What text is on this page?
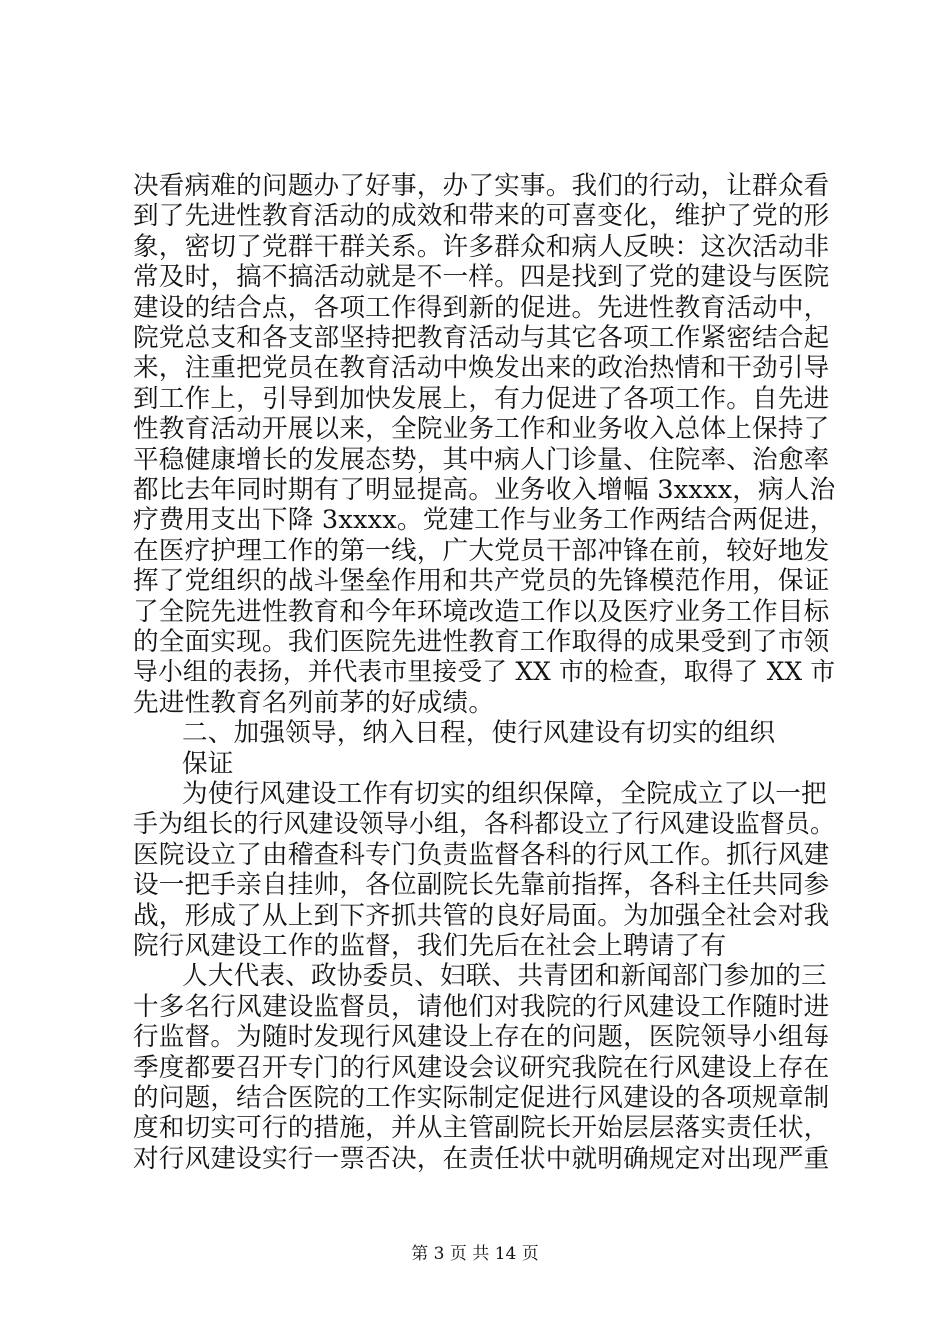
决看病难的问题办了好事，办了实事。我们的行动，让群众看
到了先进性教育活动的成效和带来的可喜变化，维护了党的形
象，密切了党群干群关系。许多群众和病人反映：这次活动非
常及时，搞不搞活动就是不一样。四是找到了党的建设与医院
建设的结合点，各项工作得到新的促进。先进性教育活动中，
院党总支和各支部坚持把教育活动与其它各项工作紧密结合起
来，注重把党员在教育活动中焕发出来的政治热情和干劲引导
到工作上，引导到加快发展上，有力促进了各项工作。自先进
性教育活动开展以来，全院业务工作和业务收入总体上保持了
平稳健康增长的发展态势，其中病人门诊量、住院率、治愈率
都比去年同时期有了明显提高。业务收入增幅 3xxxx，病人治
疗费用支出下降 3xxxx。党建工作与业务工作两结合两促进，
在医疗护理工作的第一线，广大党员干部冲锋在前，较好地发
挥了党组织的战斗堡垒作用和共产党员的先锋模范作用，保证
了全院先进性教育和今年环境改造工作以及医疗业务工作目标
的全面实现。我们医院先进性教育工作取得的成果受到了市领
导小组的表扬，并代表市里接受了 XX 市的检查，取得了 XX 市
先进性教育名列前茅的好成绩。
二、加强领导，纳入日程，使行风建设有切实的组织
保证
为使行风建设工作有切实的组织保障，全院成立了以一把
手为组长的行风建设领导小组，各科都设立了行风建设监督员。
医院设立了由稽查科专门负责监督各科的行风工作。抓行风建
设一把手亲自挂帅，各位副院长先靠前指挥，各科主任共同参
战，形成了从上到下齐抓共管的良好局面。为加强全社会对我
院行风建设工作的监督，我们先后在社会上聘请了有
人大代表、政协委员、妇联、共青团和新闻部门参加的三
十多名行风建设监督员，请他们对我院的行风建设工作随时进
行监督。为随时发现行风建设上存在的问题，医院领导小组每
季度都要召开专门的行风建设会议研究我院在行风建设上存在
的问题，结合医院的工作实际制定促进行风建设的各项规章制
度和切实可行的措施，并从主管副院长开始层层落实责任状，
对行风建设实行一票否决，在责任状中就明确规定对出现严重
第 3 页 共 14 页
